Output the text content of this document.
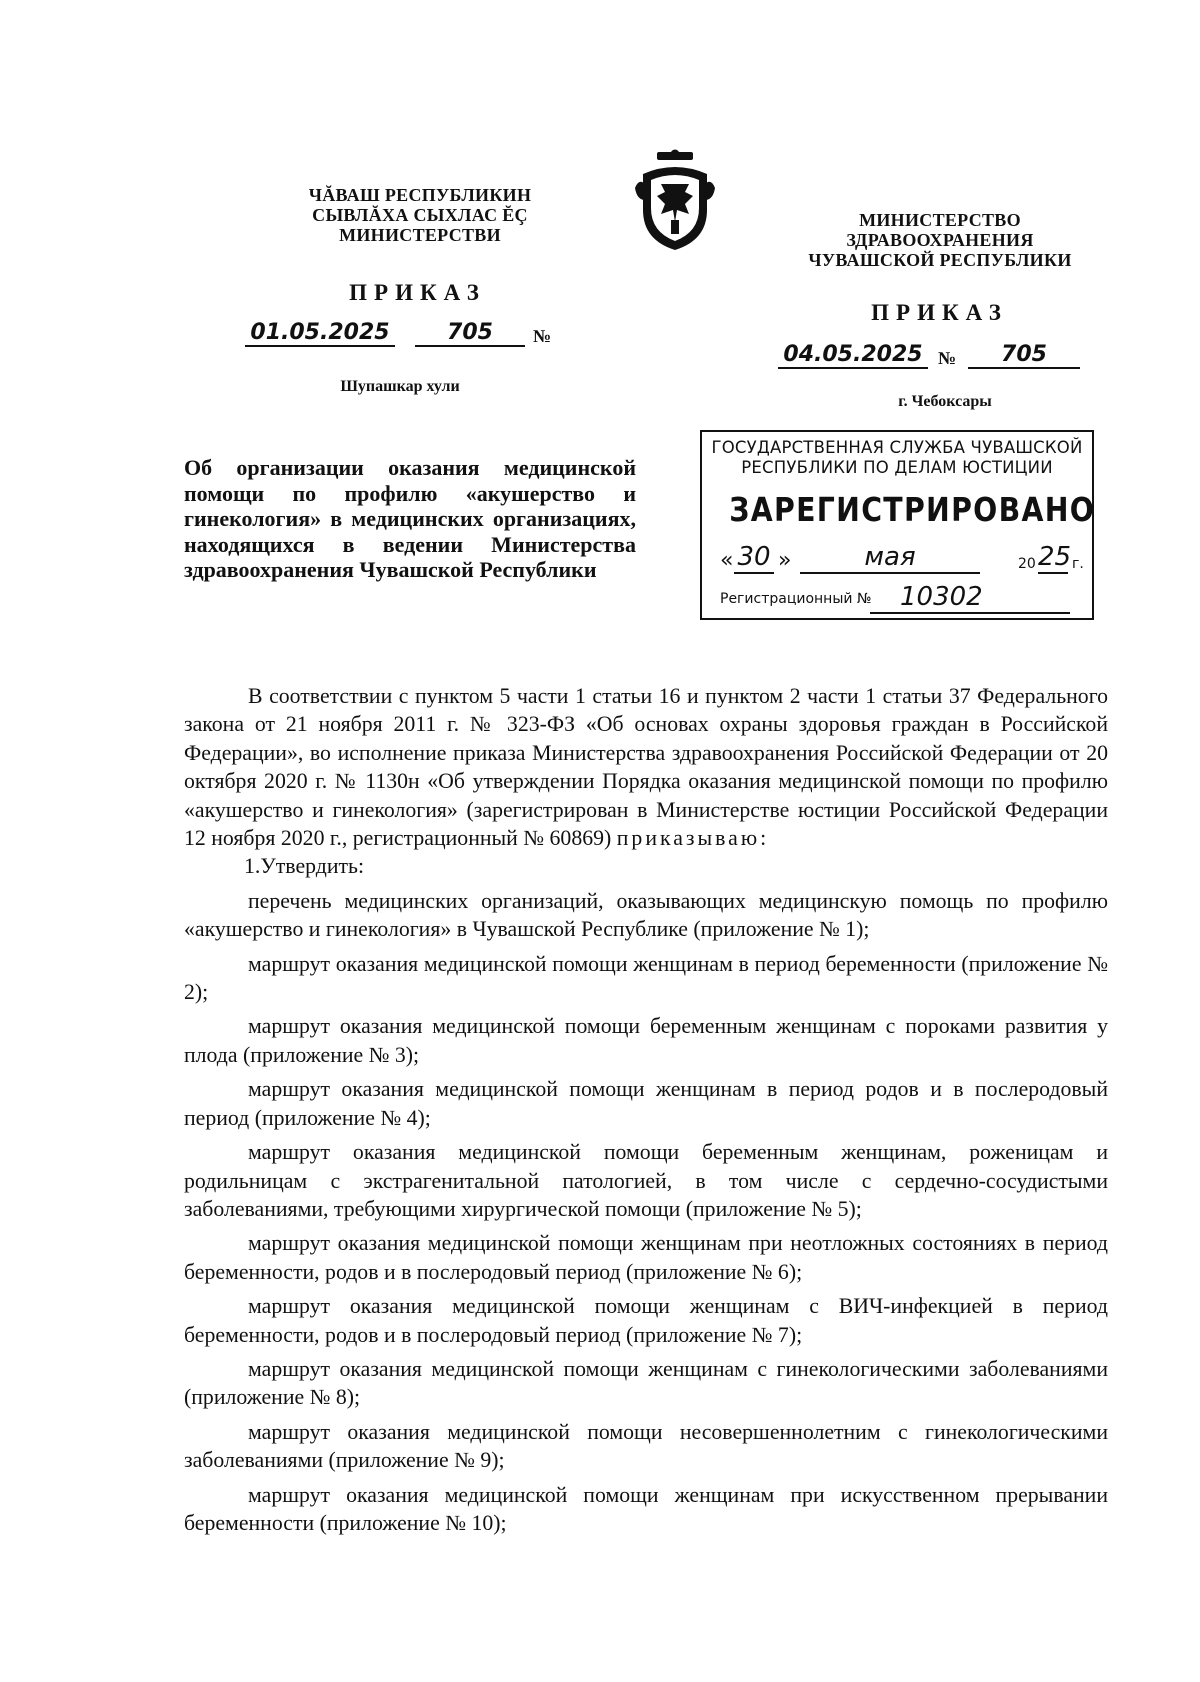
ЧĂВАШ РЕСПУБЛИКИН
СЫВЛĂХА СЫХЛАС ĔÇ
МИНИСТЕРСТВИ
ПРИКАЗ
01.05.2025	705	№
Шупашкар хули
МИНИСТЕРСТВО
ЗДРАВООХРАНЕНИЯ
ЧУВАШСКОЙ РЕСПУБЛИКИ
ПРИКАЗ
04.05.2025 №	705
г. Чебоксары
Об организации оказания медицинской помощи по профилю «акушерство и гинекология» в медицинских организациях, находящихся в ведении Министерства здравоохранения Чувашской Республики
ГОСУДАРСТВЕННАЯ СЛУЖБА ЧУВАШСКОЙ
РЕСПУБЛИКИ ПО ДЕЛАМ ЮСТИЦИИ
ЗАРЕГИСТРИРОВАНО
« 30 »	мая	20 25 г.
Регистрационный №	10302

В соответствии с пунктом 5 части 1 статьи 16 и пунктом 2 части 1 статьи 37 Федерального закона от 21 ноября 2011 г. № 323-ФЗ «Об основах охраны здоровья граждан в Российской Федерации», во исполнение приказа Министерства здравоохранения Российской Федерации от 20 октября 2020 г. № 1130н «Об утверждении Порядка оказания медицинской помощи по профилю «акушерство и гинекология» (зарегистрирован в Министерстве юстиции Российской Федерации 12 ноября 2020 г., регистрационный № 60869) приказываю:

1.Утвердить:

перечень медицинских организаций, оказывающих медицинскую помощь по профилю «акушерство и гинекология» в Чувашской Республике (приложение № 1);

маршрут оказания медицинской помощи женщинам в период беременности (приложение № 2);

маршрут оказания медицинской помощи беременным женщинам с пороками развития у плода (приложение № 3);

маршрут оказания медицинской помощи женщинам в период родов и в послеродовый период (приложение № 4);

маршрут оказания медицинской помощи беременным женщинам, роженицам и родильницам с экстрагенитальной патологией, в том числе с сердечно-сосудистыми заболеваниями, требующими хирургической помощи (приложение № 5);

маршрут оказания медицинской помощи женщинам при неотложных состояниях в период беременности, родов и в послеродовый период (приложение № 6);

маршрут оказания медицинской помощи женщинам с ВИЧ-инфекцией в период беременности, родов и в послеродовый период (приложение № 7);

маршрут оказания медицинской помощи женщинам с гинекологическими заболеваниями (приложение № 8);

маршрут оказания медицинской помощи несовершеннолетним с гинекологическими заболеваниями (приложение № 9);

маршрут оказания медицинской помощи женщинам при искусственном прерывании беременности (приложение № 10);
